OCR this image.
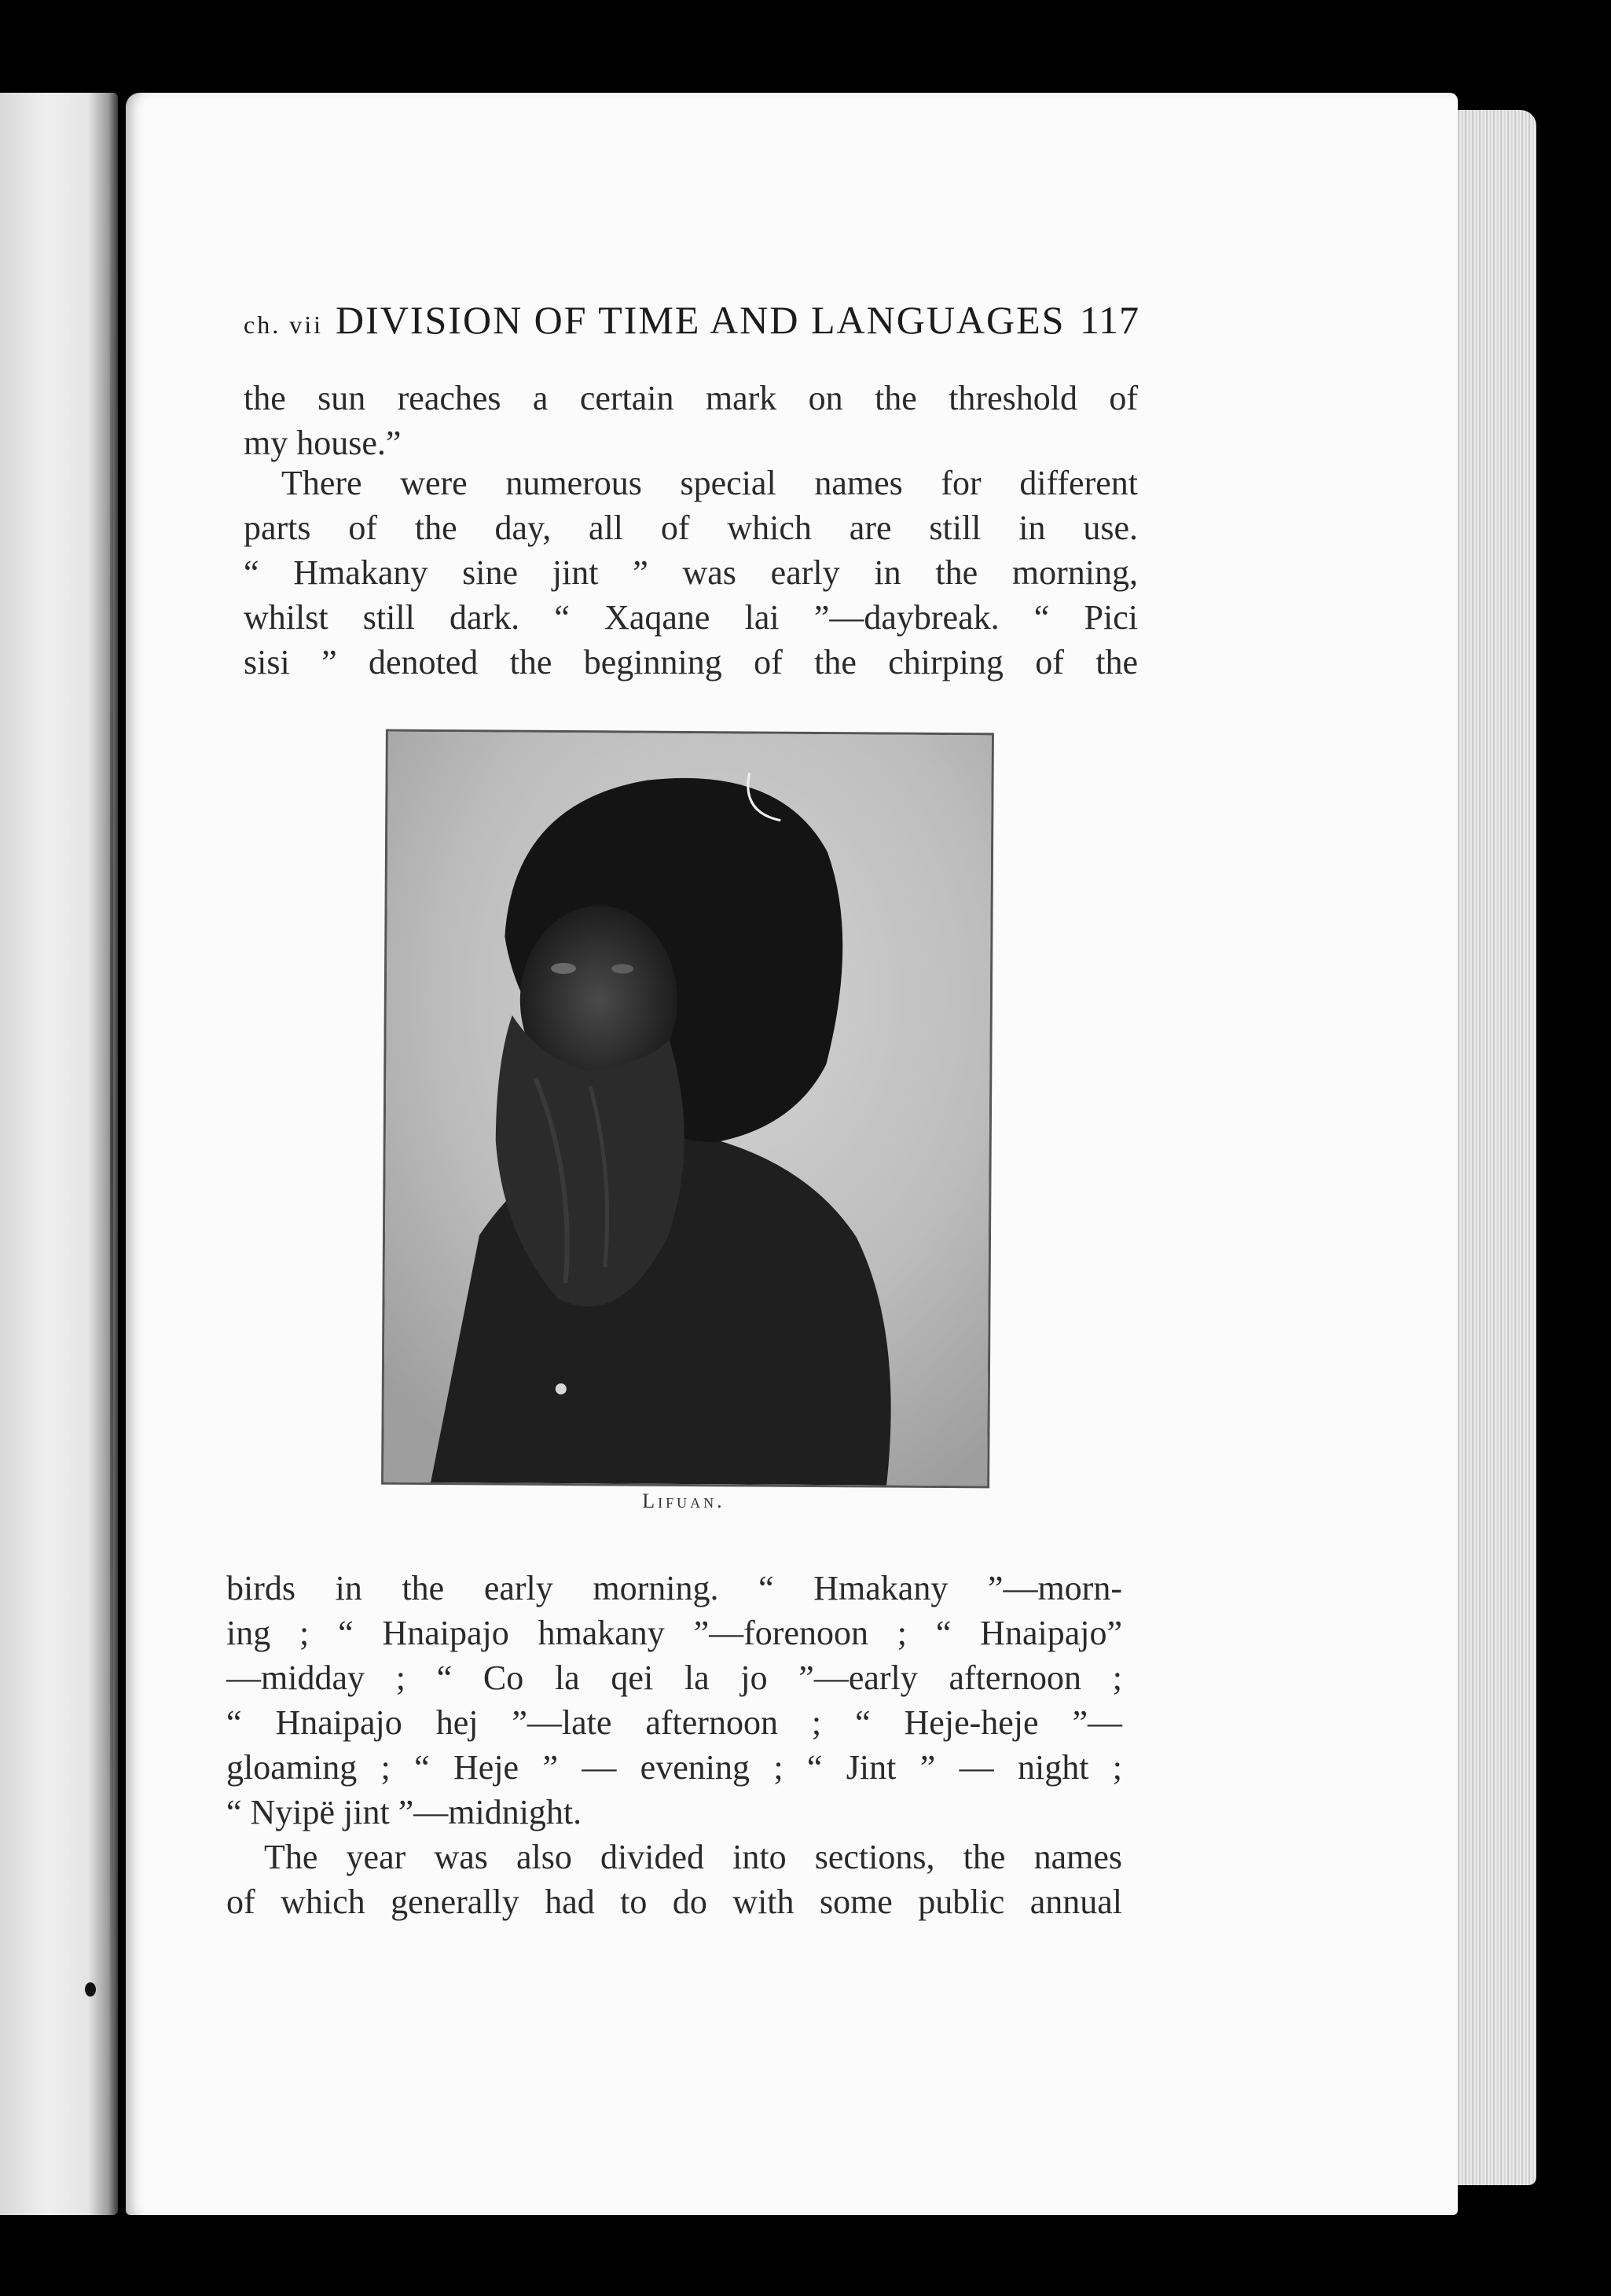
ch. vii DIVISION OF TIME AND LANGUAGES 117
the sun reaches a certain mark on the threshold of
my house.”
There were numerous special names for different
parts of the day, all of which are still in use.
“ Hmakany sine jint ” was early in the morning,
whilst still dark. “ Xaqane lai ”—daybreak. “ Pici
sisi ” denoted the beginning of the chirping of the
Lifuan.
birds in the early morning. “ Hmakany ”—morn-
ing ; “ Hnaipajo hmakany ”—forenoon ; “ Hnaipajo”
—midday ; “ Co la qei la jo ”—early afternoon ;
“ Hnaipajo hej ”—late afternoon ; “ Heje-heje ”—
gloaming ; “ Heje ” — evening ; “ Jint ” — night ;
“ Nyipë jint ”—midnight.
The year was also divided into sections, the names
of which generally had to do with some public annual
